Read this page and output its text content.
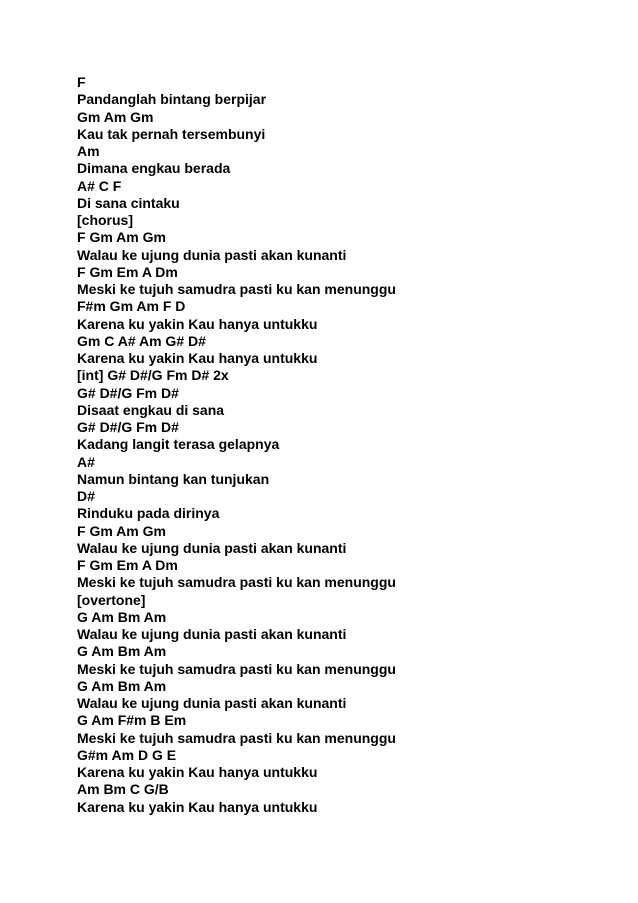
F
Pandanglah bintang berpijar
Gm Am Gm
Kau tak pernah tersembunyi
Am
Dimana engkau berada
A# C F
Di sana cintaku
[chorus]
F Gm Am Gm
Walau ke ujung dunia pasti akan kunanti
F Gm Em A Dm
Meski ke tujuh samudra pasti ku kan menunggu
F#m Gm Am F D
Karena ku yakin Kau hanya untukku
Gm C A# Am G# D#
Karena ku yakin Kau hanya untukku
[int] G# D#/G Fm D# 2x
G# D#/G Fm D#
Disaat engkau di sana
G# D#/G Fm D#
Kadang langit terasa gelapnya
A#
Namun bintang kan tunjukan
D#
Rinduku pada dirinya
F Gm Am Gm
Walau ke ujung dunia pasti akan kunanti
F Gm Em A Dm
Meski ke tujuh samudra pasti ku kan menunggu
[overtone]
G Am Bm Am
Walau ke ujung dunia pasti akan kunanti
G Am Bm Am
Meski ke tujuh samudra pasti ku kan menunggu
G Am Bm Am
Walau ke ujung dunia pasti akan kunanti
G Am F#m B Em
Meski ke tujuh samudra pasti ku kan menunggu
G#m Am D G E
Karena ku yakin Kau hanya untukku
Am Bm C G/B
Karena ku yakin Kau hanya untukku
